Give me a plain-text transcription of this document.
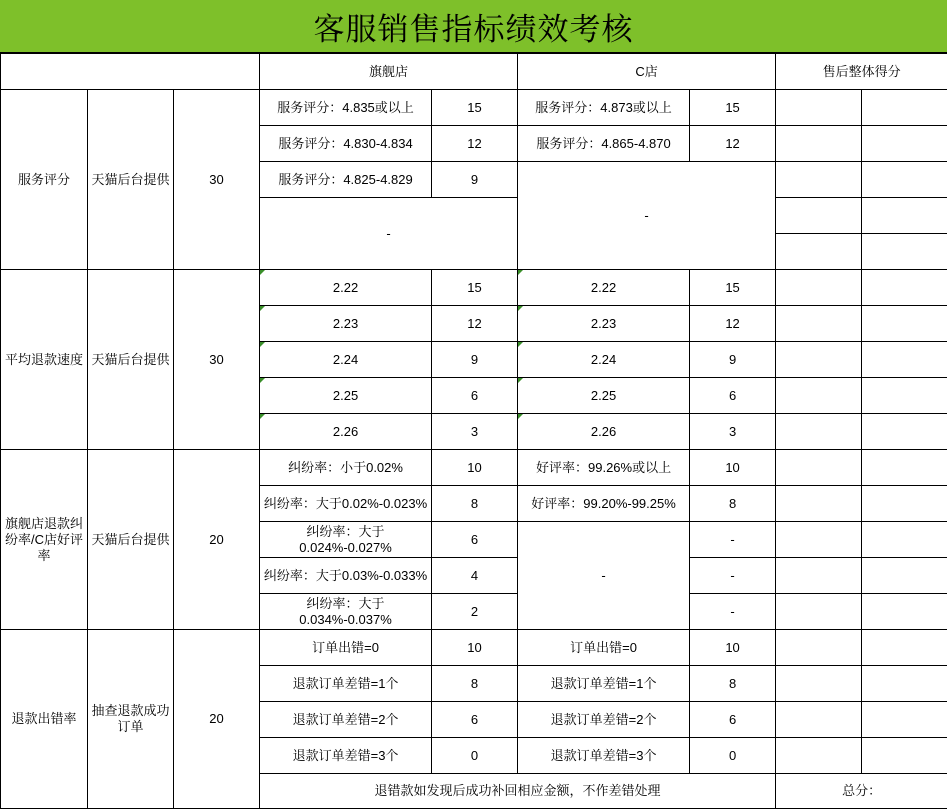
客服销售指标绩效考核
			旗舰店		C店		售后整体得分	
服务评分	天猫后台提供	30	服务评分：4.835或以上	15	服务评分：4.873或以上	15		
			服务评分：4.830-4.834	12	服务评分：4.865-4.870	12		
			服务评分：4.825-4.829	9	-			
			-					

平均退款速度	天猫后台提供	30	2.22	15	2.22	15		
			2.23	12	2.23	12		
			2.24	9	2.24	9		
			2.25	6	2.25	6		
			2.26	3	2.26	3		
旗舰店退款纠纷率/C店好评率	天猫后台提供	20	纠纷率：小于0.02%	10	好评率：99.26%或以上	10		
			纠纷率：大于0.02%-0.023%	8	好评率：99.20%-99.25%	8		
			纠纷率：大于0.024%-0.027%	6	-	-		
			纠纷率：大于0.03%-0.033%	4		-		
			纠纷率：大于0.034%-0.037%	2		-		
退款出错率	抽查退款成功订单	20	订单出错=0	10	订单出错=0	10		
			退款订单差错=1个	8	退款订单差错=1个	8		
			退款订单差错=2个	6	退款订单差错=2个	6		
			退款订单差错=3个	0	退款订单差错=3个	0		
			退错款如发现后成功补回相应金额，不作差错处理				总分：	
